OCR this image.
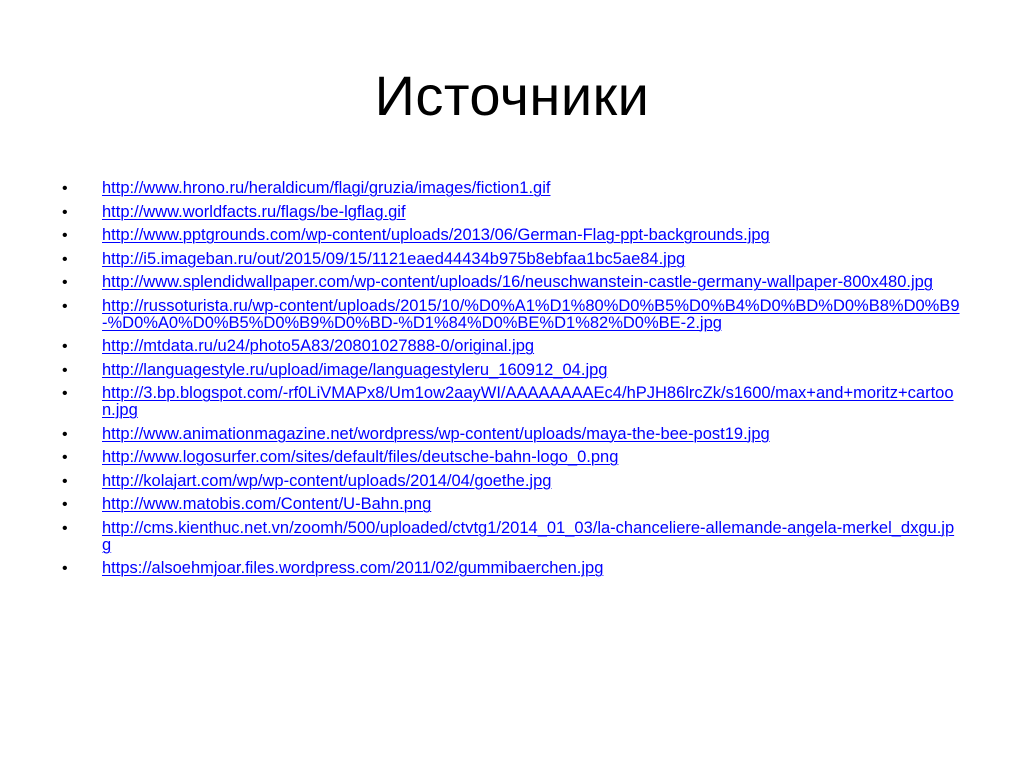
Источники
• http://www.hrono.ru/heraldicum/flagi/gruzia/images/fiction1.gif
• http://www.worldfacts.ru/flags/be-lgflag.gif
• http://www.pptgrounds.com/wp-content/uploads/2013/06/German-Flag-ppt-backgrounds.jpg
• http://i5.imageban.ru/out/2015/09/15/1121eaed44434b975b8ebfaa1bc5ae84.jpg
• http://www.splendidwallpaper.com/wp-content/uploads/16/neuschwanstein-castle-germany-wallpaper-800x480.jpg
• http://russoturista.ru/wp-content/uploads/2015/10/%D0%A1%D1%80%D0%B5%D0%B4%D0%BD%D0%B8%D0%B9-%D0%A0%D0%B5%D0%B9%D0%BD-%D1%84%D0%BE%D1%82%D0%BE-2.jpg
• http://mtdata.ru/u24/photo5A83/20801027888-0/original.jpg
• http://languagestyle.ru/upload/image/languagestyleru_160912_04.jpg
• http://3.bp.blogspot.com/-rf0LiVMAPx8/Um1ow2aayWI/AAAAAAAAEc4/hPJH86lrcZk/s1600/max+and+moritz+cartoon.jpg
• http://www.animationmagazine.net/wordpress/wp-content/uploads/maya-the-bee-post19.jpg
• http://www.logosurfer.com/sites/default/files/deutsche-bahn-logo_0.png
• http://kolajart.com/wp/wp-content/uploads/2014/04/goethe.jpg
• http://www.matobis.com/Content/U-Bahn.png
• http://cms.kienthuc.net.vn/zoomh/500/uploaded/ctvtg1/2014_01_03/la-chanceliere-allemande-angela-merkel_dxgu.jpg
• https://alsoehmjoar.files.wordpress.com/2011/02/gummibaerchen.jpg
